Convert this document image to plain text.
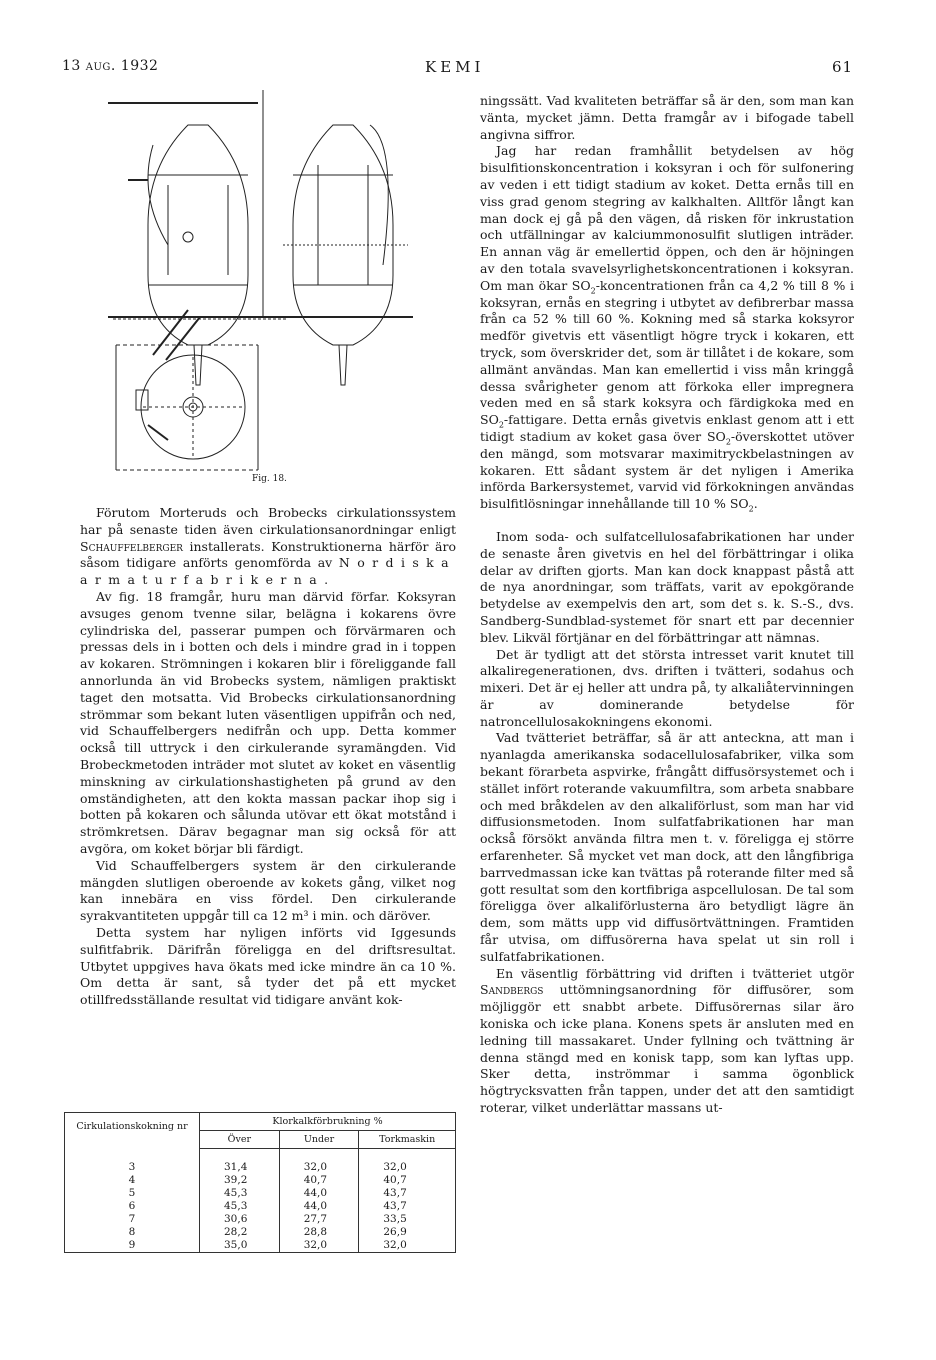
13 aug. 1932	KEMI	61
Fig. 18.

Förutom Morteruds och Brobecks cirkulationssystem har på senaste tiden även cirkulationsanordningar enligt Schauffelberger installerats. Konstruktionerna härför äro såsom tidigare anförts genomförda av Nordiska armaturfabrikerna.

Av fig. 18 framgår, huru man därvid förfar. Koksyran avsuges genom tvenne silar, belägna i kokarens övre cylindriska del, passerar pumpen och förvärmaren och pressas dels in i botten och dels i mindre grad in i toppen av kokaren. Strömningen i kokaren blir i föreliggande fall annorlunda än vid Brobecks system, nämligen praktiskt taget den motsatta. Vid Brobecks cirkulationsanordning strömmar som bekant luten väsentligen uppifrån och ned, vid Schauffelbergers nedifrån och upp. Detta kommer också till uttryck i den cirkulerande syramängden. Vid Brobeckmetoden inträder mot slutet av koket en väsentlig minskning av cirkulationshastigheten på grund av den omständigheten, att den kokta massan packar ihop sig i botten på kokaren och sålunda utövar ett ökat motstånd i strömkretsen. Därav begagnar man sig också för att avgöra, om koket börjar bli färdigt.

Vid Schauffelbergers system är den cirkulerande mängden slutligen oberoende av kokets gång, vilket nog kan innebära en viss fördel. Den cirkulerande syrakvantiteten uppgår till ca 12 m³ i min. och däröver.

Detta system har nyligen införts vid Iggesunds sulfitfabrik. Därifrån föreligga en del driftsresultat. Utbytet uppgives hava ökats med icke mindre än ca 10 %. Om detta är sant, så tyder det på ett mycket otillfredsställande resultat vid tidigare använt kok-

Cirkulationskokning nr	Klorkalkförbrukning %		
	Över	Under	Torkmaskin

3	31,4	32,0	32,0
4	39,2	40,7	40,7
5	45,3	44,0	43,7
6	45,3	44,0	43,7
7	30,6	27,7	33,5
8	28,2	28,8	26,9
9	35,0	32,0	32,0

ningssätt. Vad kvaliteten beträffar så är den, som man kan vänta, mycket jämn. Detta framgår av i bifogade tabell angivna siffror.

Jag har redan framhållit betydelsen av hög bisulfitionskoncentration i koksyran i och för sulfonering av veden i ett tidigt stadium av koket. Detta ernås till en viss grad genom stegring av kalkhalten. Alltför långt kan man dock ej gå på den vägen, då risken för inkrustation och utfällningar av kalciummonosulfit slutligen inträder. En annan väg är emellertid öppen, och den är höjningen av den totala svavelsyrlighetskoncentrationen i koksyran. Om man ökar $SO_2$-koncentrationen från ca 4,2 % till 8 % i koksyran, ernås en stegring i utbytet av defibrerbar massa från ca 52 % till 60 %. Kokning med så starka koksyror medför givetvis ett väsentligt högre tryck i kokaren, ett tryck, som överskrider det, som är tillåtet i de kokare, som allmänt användas. Man kan emellertid i viss mån kringgå dessa svårigheter genom att förkoka eller impregnera veden med en så stark koksyra och färdigkoka med en $SO_2$-fattigare. Detta ernås givetvis enklast genom att i ett tidigt stadium av koket gasa över $SO_2$-överskottet utöver den mängd, som motsvarar maximitryckbelastningen av kokaren. Ett sådant system är det nyligen i Amerika införda Barkersystemet, varvid vid förkokningen användas bisulfitlösningar innehållande till 10 % $SO_2$.

Inom soda- och sulfatcellulosafabrikationen har under de senaste åren givetvis en hel del förbättringar i olika delar av driften gjorts. Man kan dock knappast påstå att de nya anordningar, som träffats, varit av epokgörande betydelse av exempelvis den art, som det s. k. S.-S., dvs. Sandberg-Sundblad-systemet för snart ett par decennier blev. Likväl förtjänar en del förbättringar att nämnas.

Det är tydligt att det största intresset varit knutet till alkaliregenerationen, dvs. driften i tvätteri, sodahus och mixeri. Det är ej heller att undra på, ty alkaliåtervinningen är av dominerande betydelse för natroncellulosakokningens ekonomi.

Vad tvätteriet beträffar, så är att anteckna, att man i nyanlagda amerikanska sodacellulosafabriker, vilka som bekant förarbeta aspvirke, frångått diffusörsystemet och i stället infört roterande vakuumfiltra, som arbeta snabbare och med bråkdelen av den alkaliförlust, som man har vid diffusionsmetoden. Inom sulfatfabrikationen har man också försökt använda filtra men t. v. föreligga ej större erfarenheter. Så mycket vet man dock, att den långfibriga barrvedmassan icke kan tvättas på roterande filter med så gott resultat som den kortfibriga aspcellulosan. De tal som föreligga över alkaliförlusterna äro betydligt lägre än dem, som mätts upp vid diffusörtvättningen. Framtiden får utvisa, om diffusörerna hava spelat ut sin roll i sulfatfabrikationen.

En väsentlig förbättring vid driften i tvätteriet utgör Sandbergs uttömningsanordning för diffusörer, som möjliggör ett snabbt arbete. Diffusörernas silar äro koniska och icke plana. Konens spets är ansluten med en ledning till massakaret. Under fyllning och tvättning är denna stängd med en konisk tapp, som kan lyftas upp. Sker detta, inströmmar i samma ögonblick högtrycksvatten från tappen, under det att den samtidigt roterar, vilket underlättar massans ut-
